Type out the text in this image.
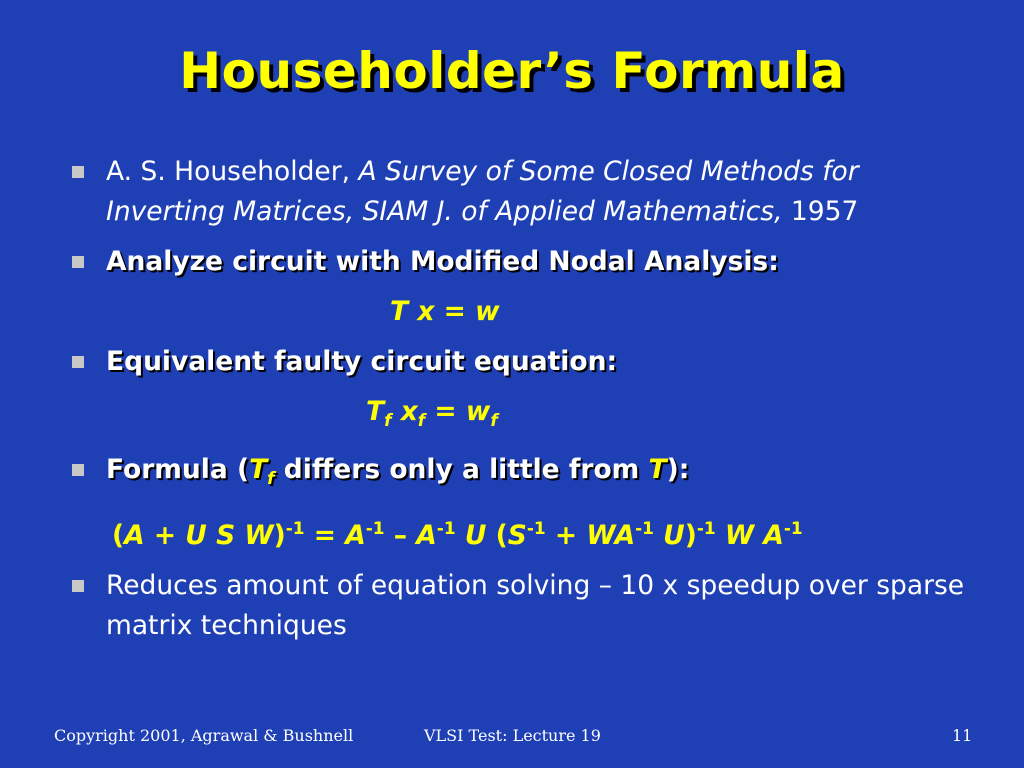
Householder’s Formula
A. S. Householder, A Survey of Some Closed Methods for Inverting Matrices, SIAM J. of Applied Mathematics, 1957
Analyze circuit with Modified Nodal Analysis:
T x = w
Equivalent faulty circuit equation:
$T_f$ $x_f = w_f$
Formula ($T_f$ differs only a little from T):
(A + U S $W)^{-1} = A^{-1} - A^{-1}$ U ($S^{-1} + WA^{-1}$ U)$^{-1}$ W $A^{-1}$
Reduces amount of equation solving – 10 x speedup over sparse matrix techniques
Copyright 2001, Agrawal & Bushnell	VLSI Test: Lecture 19	11
